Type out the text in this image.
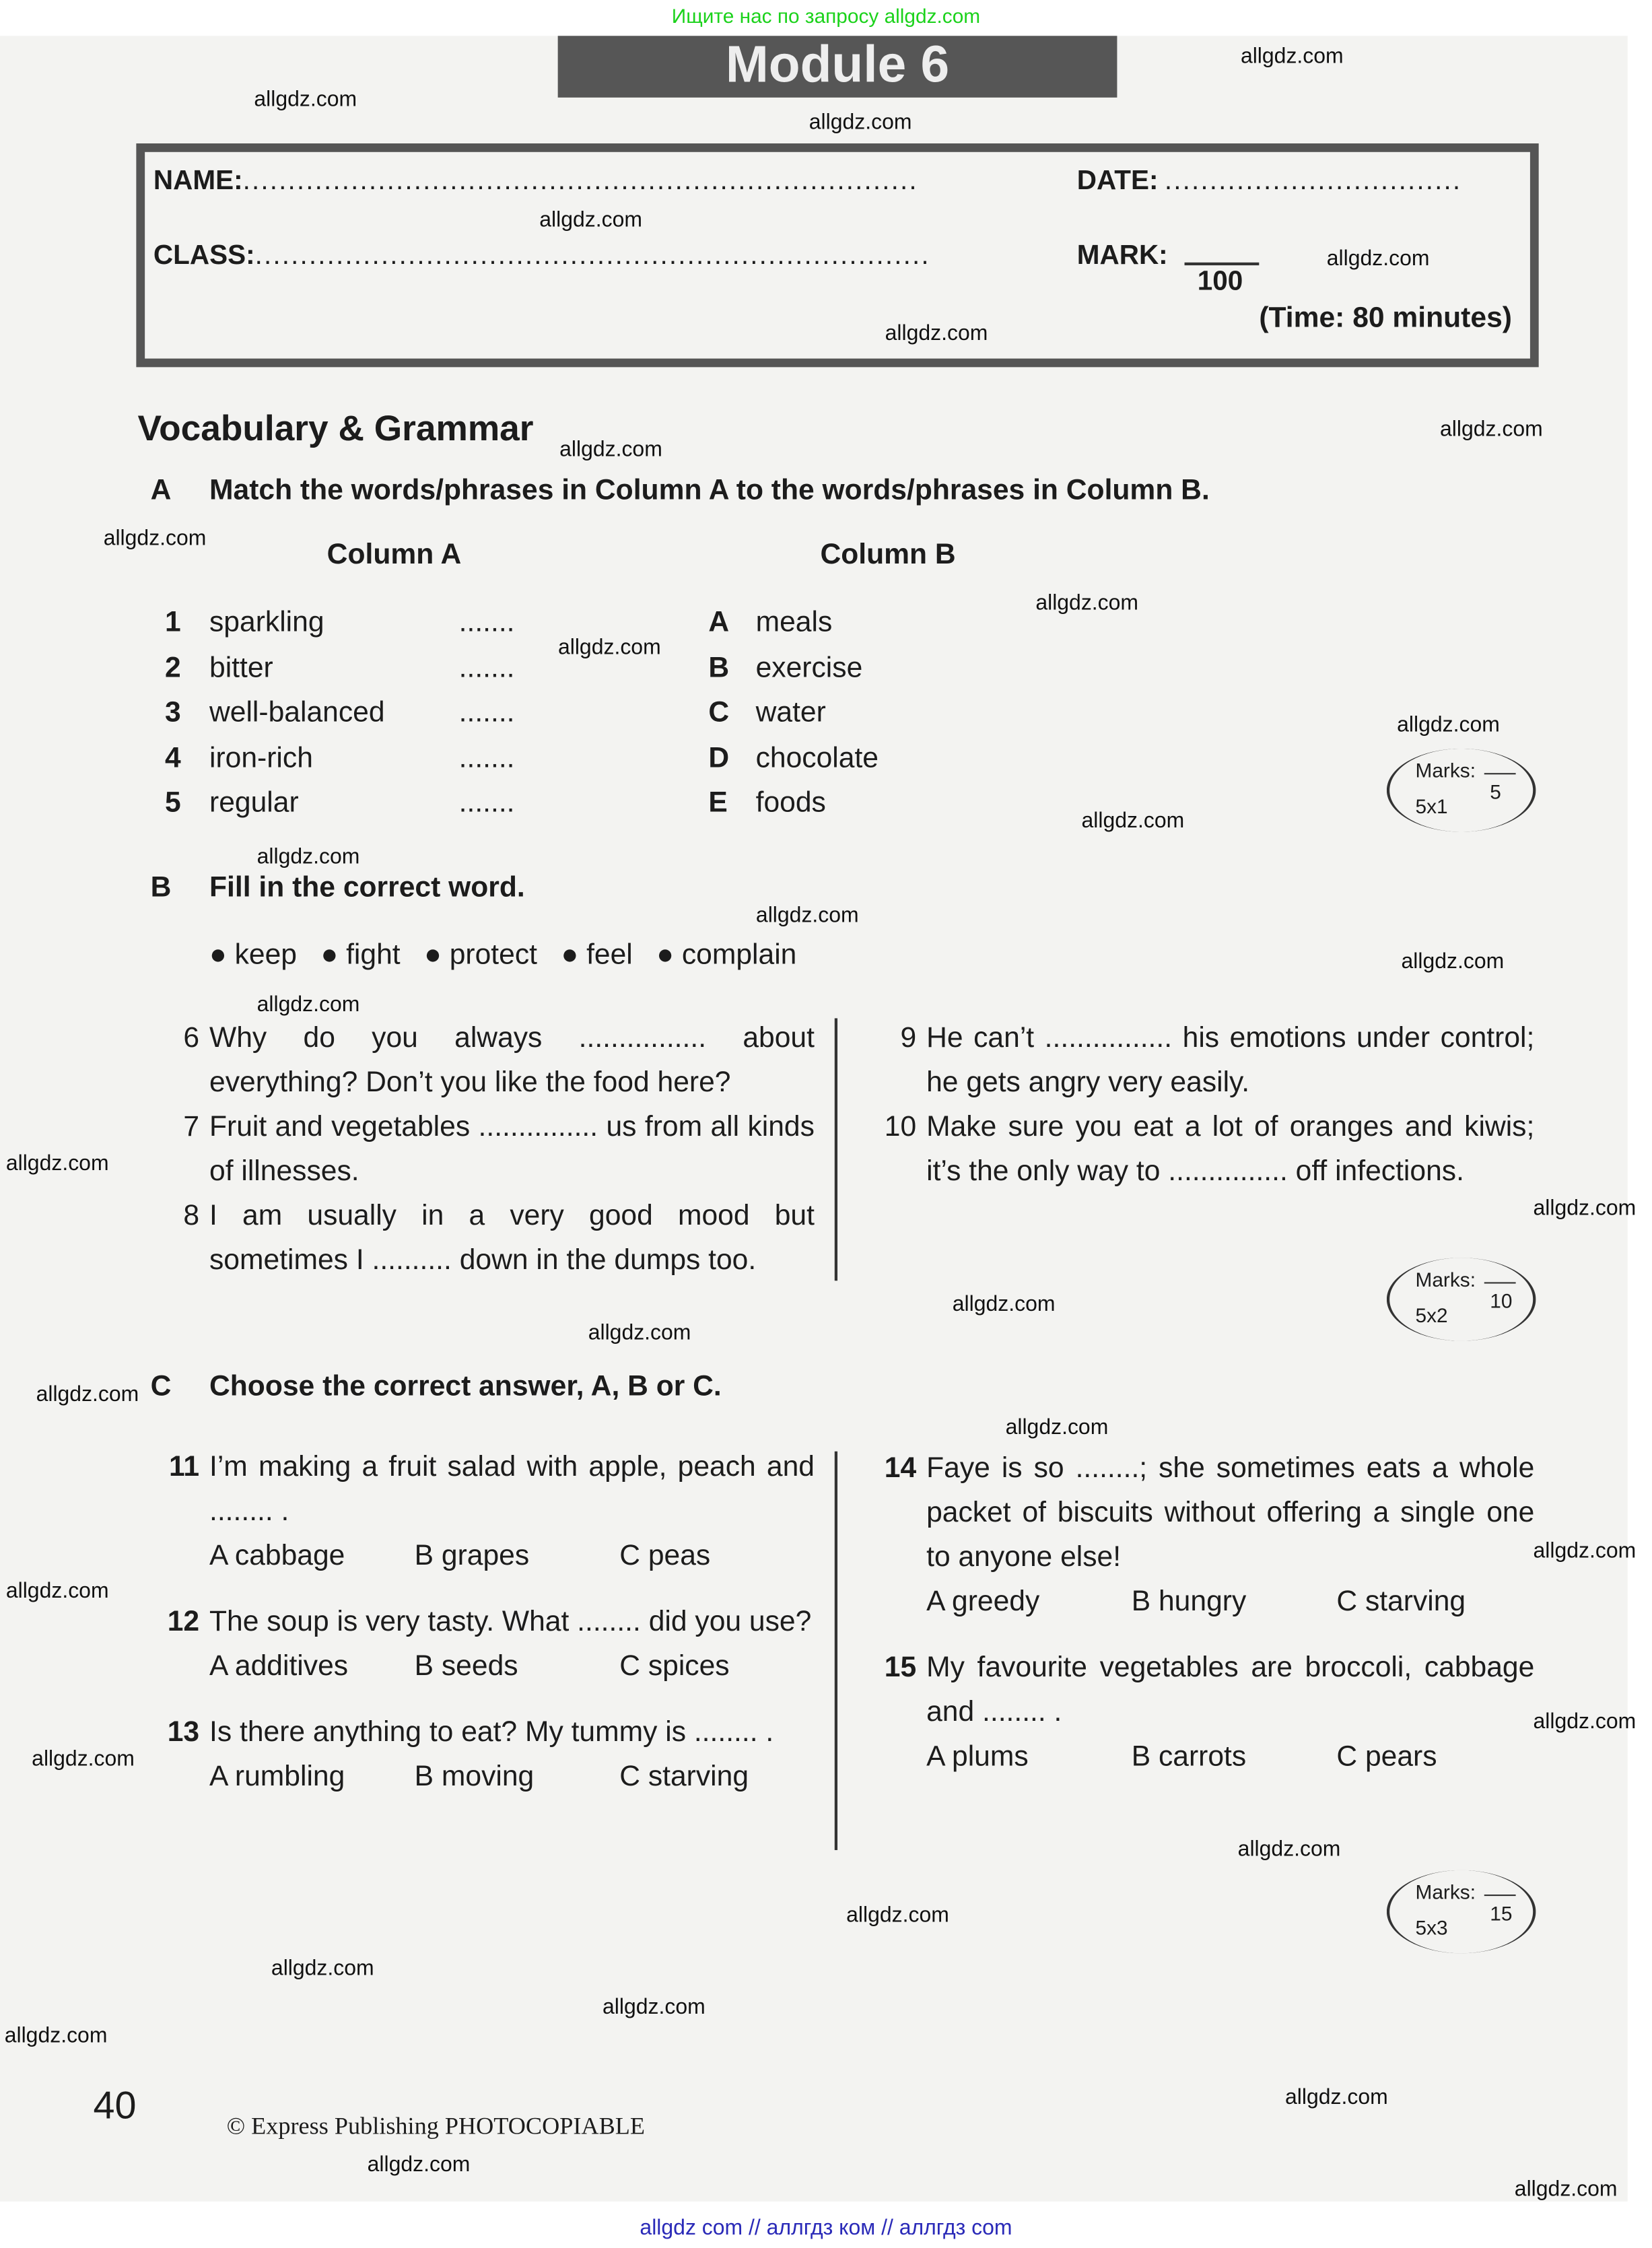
Ищите нас по запросу allgdz.com
Module 6
NAME:...........................................................................	DATE: .................................
CLASS:...........................................................................	MARK:
100
(Time: 80 minutes)
Vocabulary & Grammar
A	Match the words/phrases in Column A to the words/phrases in Column B.
Column A	Column B
1 sparkling	.......	A meals
2 bitter	.......	B exercise
3 well-balanced	.......	C water
4 iron-rich	.......	D chocolate
5 regular	.......	E foods
Marks:
5
5x1
B	Fill in the correct word.
● keep ● fight ● protect ● feel ● complain
6 Why do you always ................ about everything? Don’t you like the food here?
7 Fruit and vegetables ............... us from all kinds of illnesses.
8 I am usually in a very good mood but sometimes I .......... down in the dumps too.
9 He can’t ................ his emotions under control; he gets angry very easily.
10 Make sure you eat a lot of oranges and kiwis; it’s the only way to ............... off infections.
Marks:
10
5x2
C	Choose the correct answer, A, B or C.
11 I’m making a fruit salad with apple, peach and ........ .
A cabbage	B grapes	C peas
12 The soup is very tasty. What ........ did you use?
A additives	B seeds	C spices
13 Is there anything to eat? My tummy is ........ .
A rumbling	B moving	C starving
14 Faye is so ........; she sometimes eats a whole packet of biscuits without offering a single one to anyone else!
A greedy	B hungry	C starving
15 My favourite vegetables are broccoli, cabbage and ........ .
A plums	B carrots	C pears
Marks:
15
5x3
40	© Express Publishing PHOTOCOPIABLE
allgdz com // аллгдз ком // аллгдз com
allgdz.com
allgdz.com
allgdz.com
allgdz.com
allgdz.com
allgdz.com
allgdz.com
allgdz.com
allgdz.com
allgdz.com
allgdz.com
allgdz.com
allgdz.com
allgdz.com
allgdz.com
allgdz.com
allgdz.com
allgdz.com
allgdz.com
allgdz.com
allgdz.com
allgdz.com
allgdz.com
allgdz.com
allgdz.com
allgdz.com
allgdz.com
allgdz.com
allgdz.com
allgdz.com
allgdz.com
allgdz.com
allgdz.com
allgdz.com
allgdz.com
